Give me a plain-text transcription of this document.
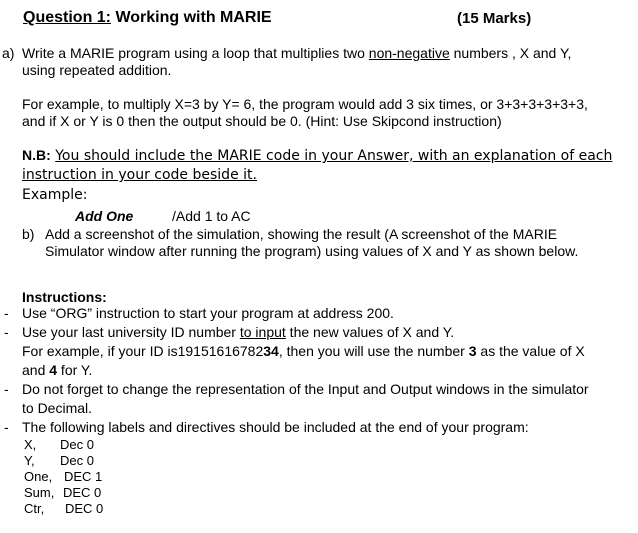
Question 1: Working with MARIE	(15 Marks)
a) Write a MARIE program using a loop that multiplies two non-negative numbers , X and Y,
using repeated addition.
For example, to multiply X=3 by Y= 6, the program would add 3 six times, or 3+3+3+3+3+3,
and if X or Y is 0 then the output should be 0. (Hint: Use Skipcond instruction)
N.B: You should include the MARIE code in your Answer, with an explanation of each
instruction in your code beside it.
Example:
Add One	/Add 1 to AC
b) Add a screenshot of the simulation, showing the result (A screenshot of the MARIE
Simulator window after running the program) using values of X and Y as shown below.
Instructions:
- Use “ORG” instruction to start your program at address 200.
- Use your last university ID number to input the new values of X and Y.
For example, if your ID is1915161678234, then you will use the number 3 as the value of X
and 4 for Y.
- Do not forget to change the representation of the Input and Output windows in the simulator
to Decimal.
- The following labels and directives should be included at the end of your program:
X, Dec 0
Y, Dec 0
One, DEC 1
Sum, DEC 0
Ctr, DEC 0
